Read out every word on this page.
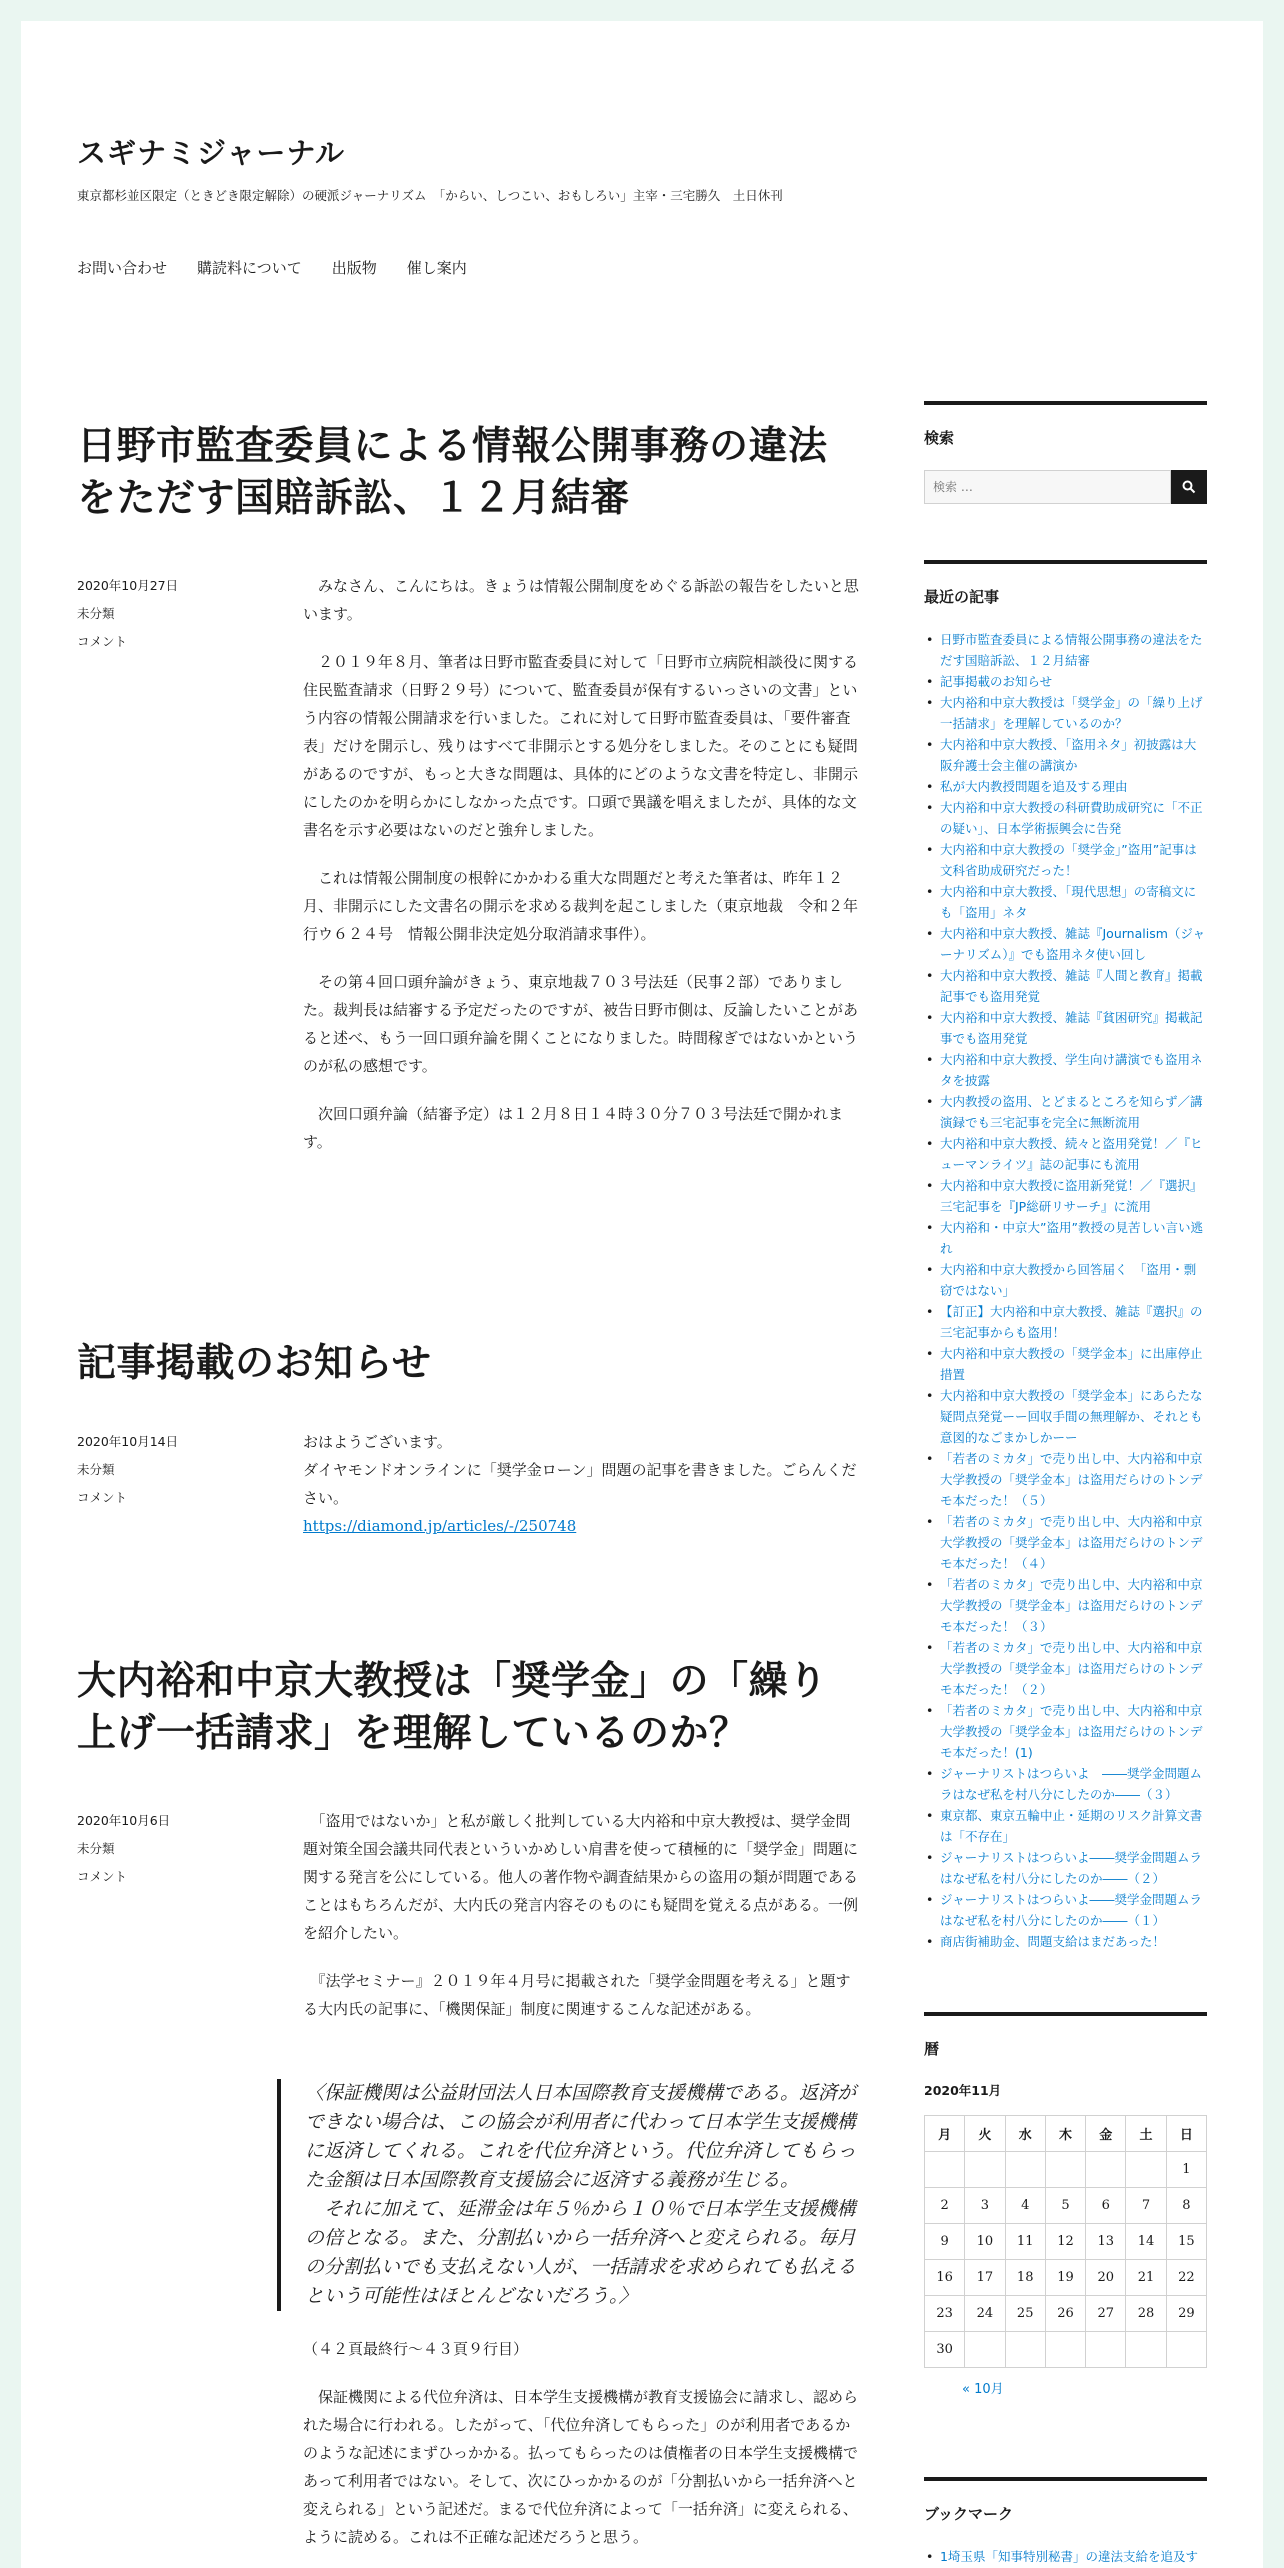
スギナミジャーナル
東京都杉並区限定（ときどき限定解除）の硬派ジャーナリズム　「からい、しつこい、おもしろい」主宰・三宅勝久　土日休刊
お問い合わせ 購読料について 出版物 催し案内
日野市監査委員による情報公開事務の違法をただす国賠訴訟、１２月結審
2020年10月27日
未分類
コメント

　みなさん、こんにちは。きょうは情報公開制度をめぐる訴訟の報告をしたいと思います。

　２０１９年８月、筆者は日野市監査委員に対して「日野市立病院相談役に関する住民監査請求（日野２９号）について、監査委員が保有するいっさいの文書」という内容の情報公開請求を行いました。これに対して日野市監査委員は、「要件審査表」だけを開示し、残りはすべて非開示とする処分をしました。そのことにも疑問があるのですが、もっと大きな問題は、具体的にどのような文書を特定し、非開示にしたのかを明らかにしなかった点です。口頭で異議を唱えましたが、具体的な文書名を示す必要はないのだと強弁しました。

　これは情報公開制度の根幹にかかわる重大な問題だと考えた筆者は、昨年１２月、非開示にした文書名の開示を求める裁判を起こしました（東京地裁　令和２年行ウ６２４号　情報公開非決定処分取消請求事件）。

　その第４回口頭弁論がきょう、東京地裁７０３号法廷（民事２部）でありました。裁判長は結審する予定だったのですが、被告日野市側は、反論したいことがあると述べ、もう一回口頭弁論を開くことになりました。時間稼ぎではないかというのが私の感想です。

　次回口頭弁論（結審予定）は１２月８日１４時３０分７０３号法廷で開かれます。

記事掲載のお知らせ
2020年10月14日
未分類
コメント
おはようございます。
ダイヤモンドオンラインに「奨学金ローン」問題の記事を書きました。ごらんください。
https://diamond.jp/articles/-/250748
大内裕和中京大教授は「奨学金」の「繰り上げ一括請求」を理解しているのか？
2020年10月6日
未分類
コメント

　「盗用ではないか」と私が厳しく批判している大内裕和中京大教授は、奨学金問題対策全国会議共同代表といういかめしい肩書を使って積極的に「奨学金」問題に関する発言を公にしている。他人の著作物や調査結果からの盗用の類が問題であることはもちろんだが、大内氏の発言内容そのものにも疑問を覚える点がある。一例を紹介したい。

　『法学セミナー』２０１９年４月号に掲載された「奨学金問題を考える」と題する大内氏の記事に、「機関保証」制度に関連するこんな記述がある。

〈保証機関は公益財団法人日本国際教育支援機構である。返済ができない場合は、この協会が利用者に代わって日本学生支援機構に返済してくれる。これを代位弁済という。代位弁済してもらった金額は日本国際教育支援協会に返済する義務が生じる。
　それに加えて、延滞金は年５％から１０％で日本学生支援機構の倍となる。また、分割払いから一括弁済へと変えられる。毎月の分割払いでも支払えない人が、一括請求を求められても払えるという可能性はほとんどないだろう。〉

（４２頁最終行〜４３頁９行目）

　保証機関による代位弁済は、日本学生支援機構が教育支援協会に請求し、認められた場合に行われる。したがって、「代位弁済してもらった」のが利用者であるかのような記述にまずひっかかる。払ってもらったのは債権者の日本学生支援機構であって利用者ではない。そして、次にひっかかるのが「分割払いから一括弁済へと変えられる」という記述だ。まるで代位弁済によって「一括弁済」に変えられる、ように読める。これは不正確な記述だろうと思う。

検索
検索 …
最近の記事
• 日野市監査委員による情報公開事務の違法をただす国賠訴訟、１２月結審
• 記事掲載のお知らせ
• 大内裕和中京大教授は「奨学金」の「繰り上げ一括請求」を理解しているのか？
• 大内裕和中京大教授、「盗用ネタ」初披露は大阪弁護士会主催の講演か
• 私が大内教授問題を追及する理由
• 大内裕和中京大教授の科研費助成研究に「不正の疑い」、日本学術振興会に告発
• 大内裕和中京大教授の「奨学金」”盗用”記事は文科省助成研究だった！
• 大内裕和中京大教授、「現代思想」の寄稿文にも「盗用」ネタ
• 大内裕和中京大教授、雑誌『Journalism（ジャーナリズム）』でも盗用ネタ使い回し
• 大内裕和中京大教授、雑誌『人間と教育』掲載記事でも盗用発覚
• 大内裕和中京大教授、雑誌『貧困研究』掲載記事でも盗用発覚
• 大内裕和中京大教授、学生向け講演でも盗用ネタを披露
• 大内教授の盗用、とどまるところを知らず／講演録でも三宅記事を完全に無断流用
• 大内裕和中京大教授、続々と盗用発覚！／『ヒューマンライツ』誌の記事にも流用
• 大内裕和中京大教授に盗用新発覚！／『選択』三宅記事を『JP総研リサーチ』に流用
• 大内裕和・中京大”盗用”教授の見苦しい言い逃れ
• 大内裕和中京大教授から回答届く　「盗用・剽窃ではない」
• 【訂正】大内裕和中京大教授、雑誌『選択』の三宅記事からも盗用！
• 大内裕和中京大教授の「奨学金本」に出庫停止措置
• 大内裕和中京大教授の「奨学金本」にあらたな疑問点発覚ーー回収手間の無理解か、それとも意図的なごまかしかーー
• 「若者のミカタ」で売り出し中、大内裕和中京大学教授の「奨学金本」は盗用だらけのトンデモ本だった！（５）
• 「若者のミカタ」で売り出し中、大内裕和中京大学教授の「奨学金本」は盗用だらけのトンデモ本だった！（４）
• 「若者のミカタ」で売り出し中、大内裕和中京大学教授の「奨学金本」は盗用だらけのトンデモ本だった！（３）
• 「若者のミカタ」で売り出し中、大内裕和中京大学教授の「奨学金本」は盗用だらけのトンデモ本だった！（２）
• 「若者のミカタ」で売り出し中、大内裕和中京大学教授の「奨学金本」は盗用だらけのトンデモ本だった！(1)
• ジャーナリストはつらいよ　――奨学金問題ムラはなぜ私を村八分にしたのか――（３）
• 東京都、東京五輪中止・延期のリスク計算文書は「不存在」
• ジャーナリストはつらいよ――奨学金問題ムラはなぜ私を村八分にしたのか――（２）
• ジャーナリストはつらいよ――奨学金問題ムラはなぜ私を村八分にしたのか――（１）
• 商店街補助金、問題支給はまだあった！
暦
2020年11月
月	火	水	木	金	土	日
						1
2	3	4	5	6	7	8
9	10	11	12	13	14	15
16	17	18	19	20	21	22
23	24	25	26	27	28	29
30						
« 10月
ブックマーク
• 1埼玉県「知事特別秘書」の違法支給を追及す
